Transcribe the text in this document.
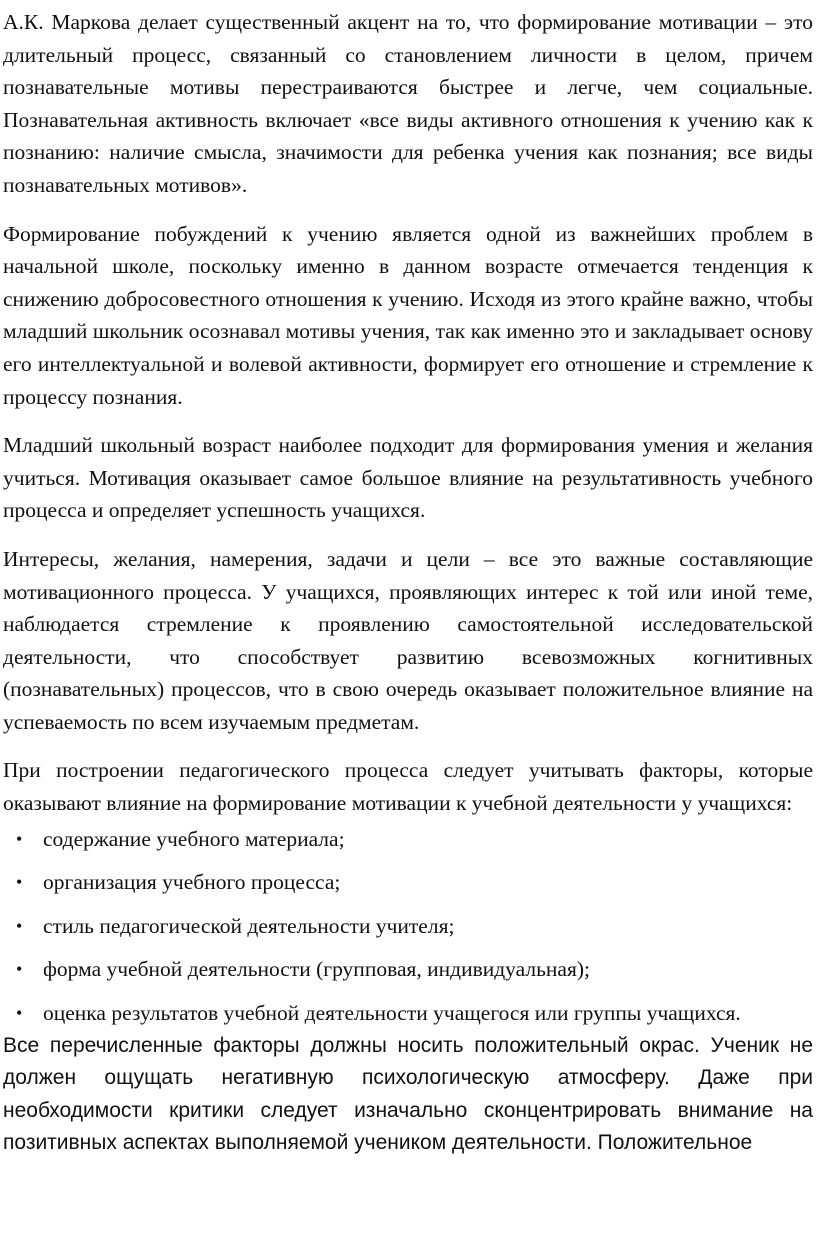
А.К. Маркова делает существенный акцент на то, что формирование мотивации – это длительный процесс, связанный со становлением личности в целом, причем познавательные мотивы перестраиваются быстрее и легче, чем социальные. Познавательная активность включает «все виды активного отношения к учению как к познанию: наличие смысла, значимости для ребенка учения как познания; все виды познавательных мотивов».

Формирование побуждений к учению является одной из важнейших проблем в начальной школе, поскольку именно в данном возрасте отмечается тенденция к снижению добросовестного отношения к учению. Исходя из этого крайне важно, чтобы младший школьник осознавал мотивы учения, так как именно это и закладывает основу его интеллектуальной и волевой активности, формирует его отношение и стремление к процессу познания.

Младший школьный возраст наиболее подходит для формирования умения и желания учиться. Мотивация оказывает самое большое влияние на результативность учебного процесса и определяет успешность учащихся.

Интересы, желания, намерения, задачи и цели – все это важные составляющие мотивационного процесса. У учащихся, проявляющих интерес к той или иной теме, наблюдается стремление к проявлению самостоятельной исследовательской деятельности, что способствует развитию всевозможных когнитивных (познавательных) процессов, что в свою очередь оказывает положительное влияние на успеваемость по всем изучаемым предметам.

При построении педагогического процесса следует учитывать факторы, которые оказывают влияние на формирование мотивации к учебной деятельности у учащихся:

• содержание учебного материала;
• организация учебного процесса;
• стиль педагогической деятельности учителя;
• форма учебной деятельности (групповая, индивидуальная);
• оценка результатов учебной деятельности учащегося или группы учащихся.

Все перечисленные факторы должны носить положительный окрас. Ученик не должен ощущать негативную психологическую атмосферу. Даже при необходимости критики следует изначально сконцентрировать внимание на позитивных аспектах выполняемой учеником деятельности. Положительное
